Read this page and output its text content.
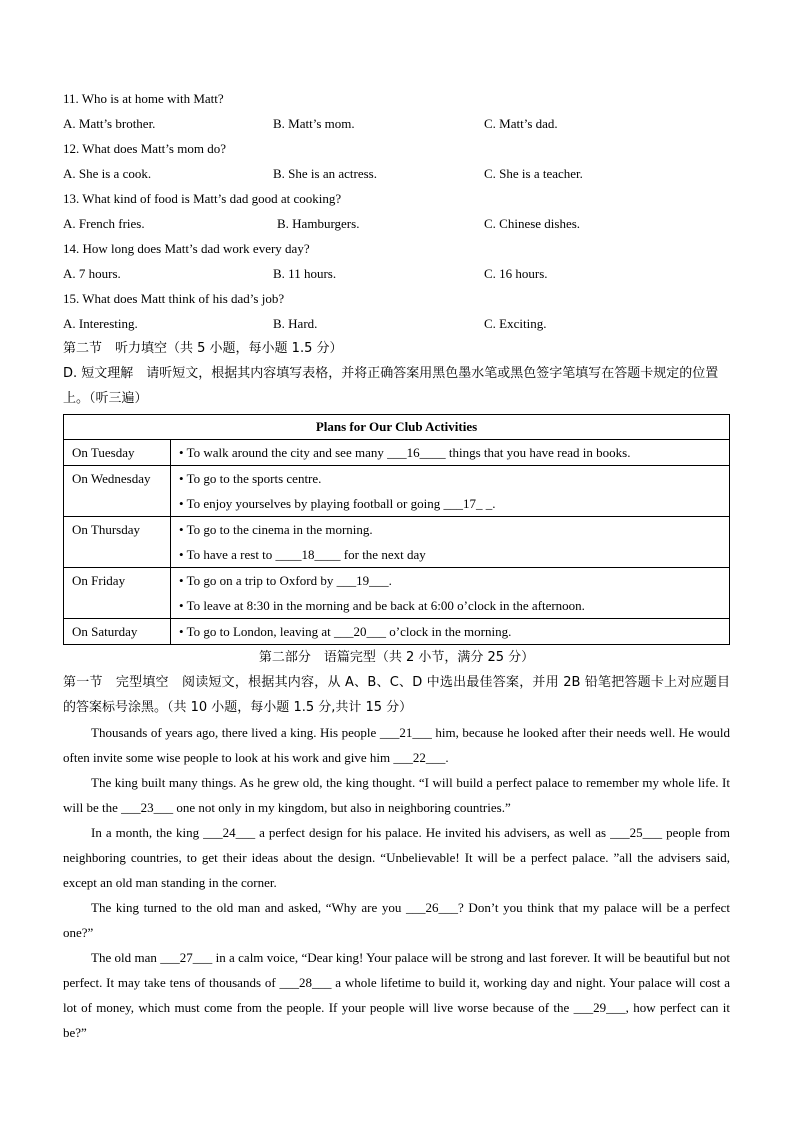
11. Who is at home with Matt?
A. Matt’s brother.	B. Matt’s mom.	C. Matt’s dad.
12. What does Matt’s mom do?
A. She is a cook.	B. She is an actress.	C. She is a teacher.
13. What kind of food is Matt’s dad good at cooking?
A. French fries.	B. Hamburgers.	C. Chinese dishes.
14. How long does Matt’s dad work every day?
A. 7 hours.	B. 11 hours.	C. 16 hours.
15. What does Matt think of his dad’s job?
A. Interesting.	B. Hard.	C. Exciting.
第二节　听力填空（共 5 小题，每小题 1.5 分）
D. 短文理解　请听短文，根据其内容填写表格，并将正确答案用黑色墨水笔或黑色签字笔填写在答题卡规定的位置上。（听三遍）
Plans for Our Club Activities	
On Tuesday	• To walk around the city and see many ___16____ things that you have read in books.

On Wednesday	• To go to the sports centre.
• To enjoy yourselves by playing football or going ___17_ _.

On Thursday	• To go to the cinema in the morning.
• To have a rest to ____18____ for the next day

On Friday	• To go on a trip to Oxford by ___19___.
• To leave at 8:30 in the morning and be back at 6:00 o’clock in the afternoon.

On Saturday	• To go to London, leaving at ___20___ o’clock in the morning.
第二部分　语篇完型（共 2 小节，满分 25 分）
第一节　完型填空　阅读短文，根据其内容，从 A、B、C、D 中选出最佳答案，并用 2B 铅笔把答题卡上对应题目的答案标号涂黑。（共 10 小题，每小题 1.5 分,共计 15 分）

Thousands of years ago, there lived a king. His people ___21___ him, because he looked after their needs well. He would often invite some wise people to look at his work and give him ___22___.

The king built many things. As he grew old, the king thought. “I will build a perfect palace to remember my whole life. It will be the ___23___ one not only in my kingdom, but also in neighboring countries.”

In a month, the king ___24___ a perfect design for his palace. He invited his advisers, as well as ___25___ people from neighboring countries, to get their ideas about the design. “Unbelievable! It will be a perfect palace. ”all the advisers said, except an old man standing in the corner.

The king turned to the old man and asked, “Why are you ___26___? Don’t you think that my palace will be a perfect one?”

The old man ___27___ in a calm voice, “Dear king! Your palace will be strong and last forever. It will be beautiful but not perfect. It may take tens of thousands of ___28___ a whole lifetime to build it, working day and night. Your palace will cost a lot of money, which must come from the people. If your people will live worse because of the ___29___, how perfect can it be?”
